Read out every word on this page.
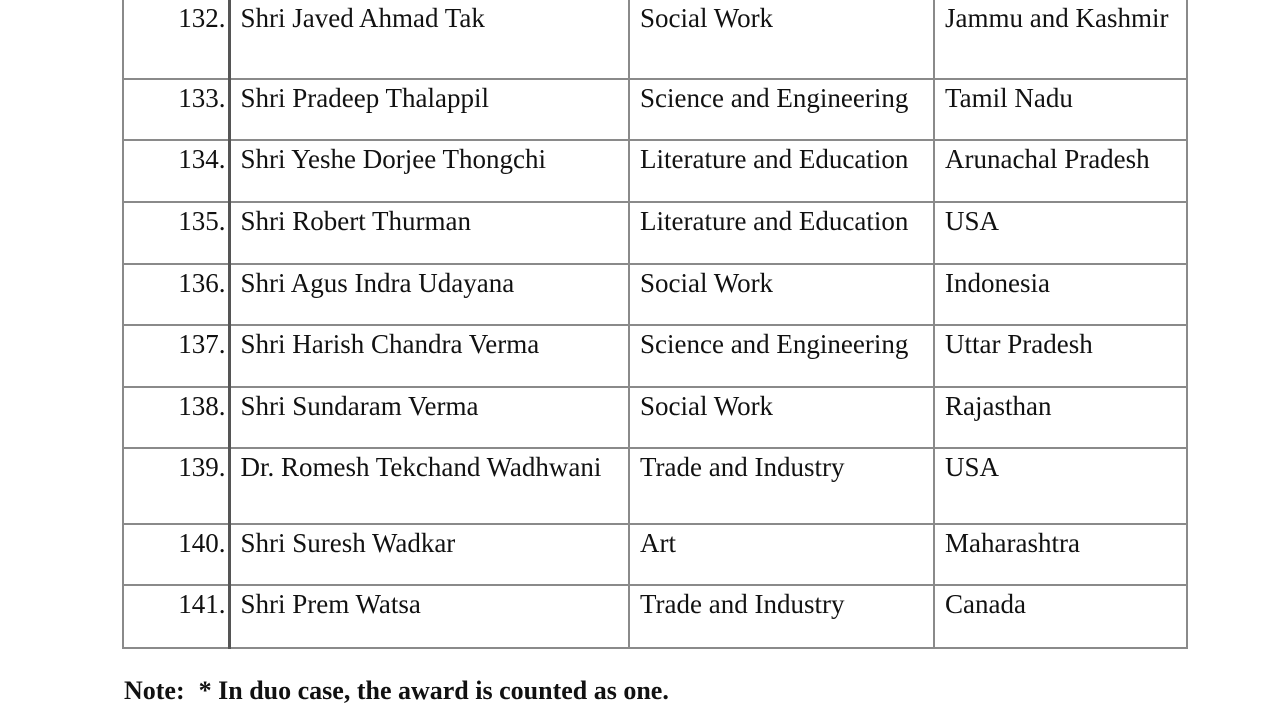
132.	Shri Javed Ahmad Tak	Social Work	Jammu and Kashmir

133.	Shri Pradeep Thalappil	Science and Engineering	Tamil Nadu
134.	Shri Yeshe Dorjee Thongchi	Literature and Education	Arunachal Pradesh
135.	Shri Robert Thurman	Literature and Education	USA
136.	Shri Agus Indra Udayana	Social Work	Indonesia
137.	Shri Harish Chandra Verma	Science and Engineering	Uttar Pradesh
138.	Shri Sundaram Verma	Social Work	Rajasthan
139.	Dr. Romesh Tekchand Wadhwani	Trade and Industry	USA
140.	Shri Suresh Wadkar	Art	Maharashtra
141.	Shri Prem Watsa	Trade and Industry	Canada
Note: * In duo case, the award is counted as one.
